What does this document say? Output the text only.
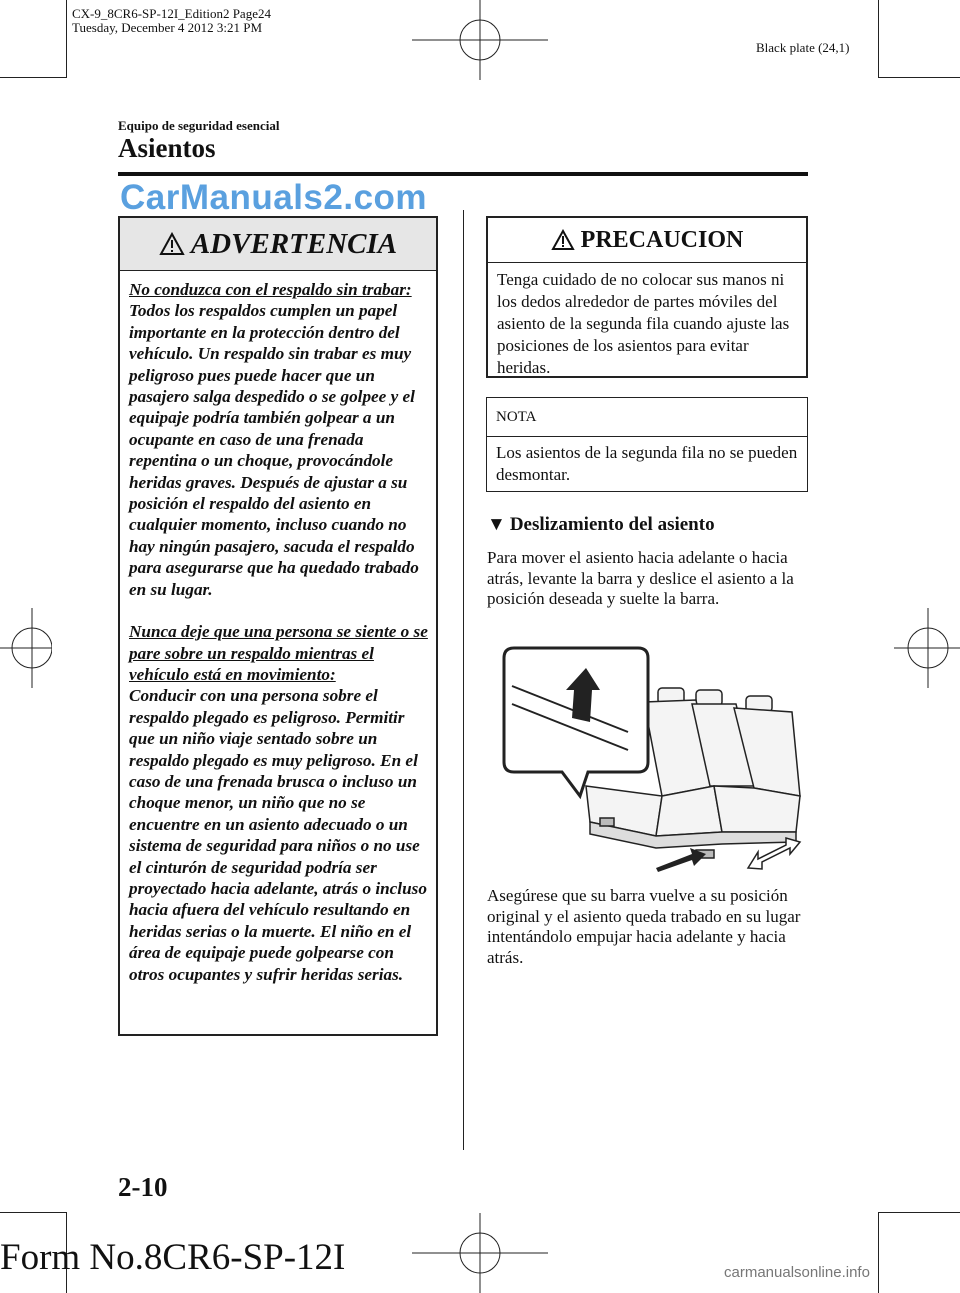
CX-9_8CR6-SP-12I_Edition2 Page24
Tuesday, December 4 2012 3:21 PM
Black plate (24,1)
Equipo de seguridad esencial
Asientos
CarManuals2.com
ADVERTENCIA

No conduzca con el respaldo sin trabar:

Todos los respaldos cumplen un papel importante en la protección dentro del vehículo. Un respaldo sin trabar es muy peligroso pues puede hacer que un pasajero salga despedido o se golpee y el equipaje podría también golpear a un ocupante en caso de una frenada repentina o un choque, provocándole heridas graves. Después de ajustar a su posición el respaldo del asiento en cualquier momento, incluso cuando no hay ningún pasajero, sacuda el respaldo para asegurarse que ha quedado trabado en su lugar.

Nunca deje que una persona se siente o se pare sobre un respaldo mientras el vehículo está en movimiento:

Conducir con una persona sobre el respaldo plegado es peligroso. Permitir que un niño viaje sentado sobre un respaldo plegado es muy peligroso. En el caso de una frenada brusca o incluso un choque menor, un niño que no se encuentre en un asiento adecuado o un sistema de seguridad para niños o no use el cinturón de seguridad podría ser proyectado hacia adelante, atrás o incluso hacia afuera del vehículo resultando en heridas serias o la muerte. El niño en el área de equipaje puede golpearse con otros ocupantes y sufrir heridas serias.

PRECAUCION
Tenga cuidado de no colocar sus manos ni los dedos alrededor de partes móviles del asiento de la segunda fila cuando ajuste las posiciones de los asientos para evitar heridas.
NOTA
Los asientos de la segunda fila no se pueden desmontar.
▼ Deslizamiento del asiento
Para mover el asiento hacia adelante o hacia atrás, levante la barra y deslice el asiento a la posición deseada y suelte la barra.
Asegúrese que su barra vuelve a su posición original y el asiento queda trabado en su lugar intentándolo empujar hacia adelante y hacia atrás.
2-10
Form No.8CR6-SP-12I	carmanualsonline.info
